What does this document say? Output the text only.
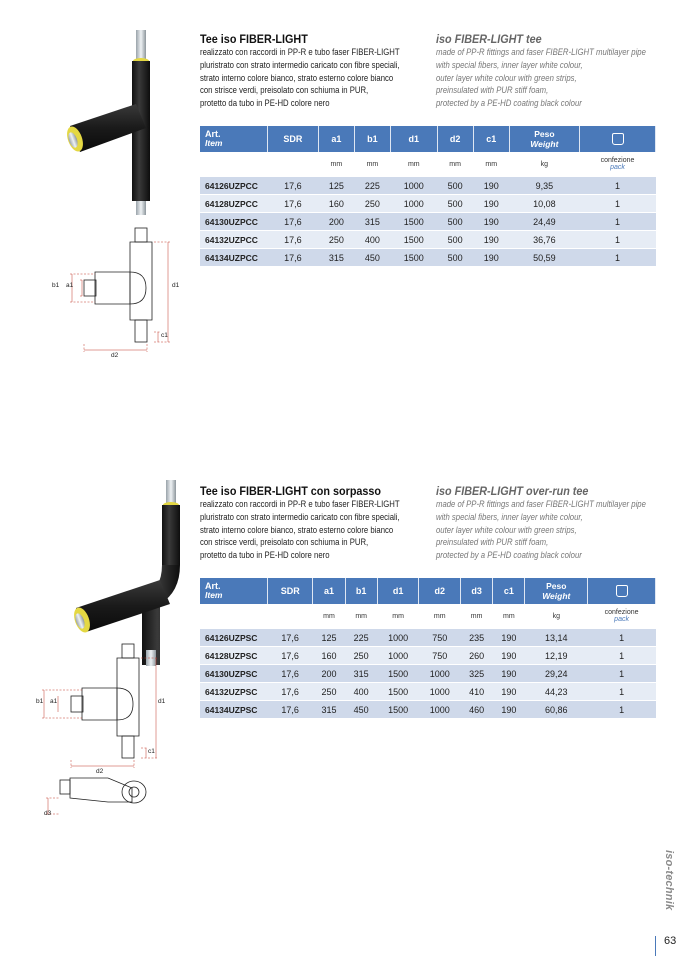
b1 a1	d1
c1
d2
Tee iso FIBER-LIGHT	iso FIBER-LIGHT tee
realizzato con raccordi in PP-R e tubo faser FIBER-LIGHT
pluristrato con strato intermedio caricato con fibre speciali,
strato interno colore bianco, strato esterno colore bianco
con strisce verdi, preisolato con schiuma in PUR,
protetto da tubo in PE-HD colore nero
made of PP-R fittings and faser FIBER-LIGHT multilayer pipe
with special fibers, inner layer white colour,
outer layer white colour with green strips,
preinsulated with PUR stiff foam,
protected by a PE-HD coating black colour
Art.
Item	SDR	a1	b1	d1	d2	c1	Peso
Weight	

		mm	mm	mm	mm	mm	kg	confezione
pack

64126UZPCC	17,6	125	225	1000	500	190	9,35	1
64128UZPCC	17,6	160	250	1000	500	190	10,08	1
64130UZPCC	17,6	200	315	1500	500	190	24,49	1
64132UZPCC	17,6	250	400	1500	500	190	36,76	1
64134UZPCC	17,6	315	450	1500	500	190	50,59	1
b1 a1	d1
c1
d2
d3
Tee iso FIBER-LIGHT con sorpasso	iso FIBER-LIGHT over-run tee
realizzato con raccordi in PP-R e tubo faser FIBER-LIGHT
pluristrato con strato intermedio caricato con fibre speciali,
strato interno colore bianco, strato esterno colore bianco
con strisce verdi, preisolato con schiuma in PUR,
protetto da tubo in PE-HD colore nero
made of PP-R fittings and faser FIBER-LIGHT multilayer pipe
with special fibers, inner layer white colour,
outer layer white colour with green strips,
preinsulated with PUR stiff foam,
protected by a PE-HD coating black colour
Art.
Item	SDR	a1	b1	d1	d2	d3	c1	Peso
Weight	

		mm	mm	mm	mm	mm	mm	kg	confezione
pack

64126UZPSC	17,6	125	225	1000	750	235	190	13,14	1
64128UZPSC	17,6	160	250	1000	750	260	190	12,19	1
64130UZPSC	17,6	200	315	1500	1000	325	190	29,24	1
64132UZPSC	17,6	250	400	1500	1000	410	190	44,23	1
64134UZPSC	17,6	315	450	1500	1000	460	190	60,86	1
iso-technik
63
